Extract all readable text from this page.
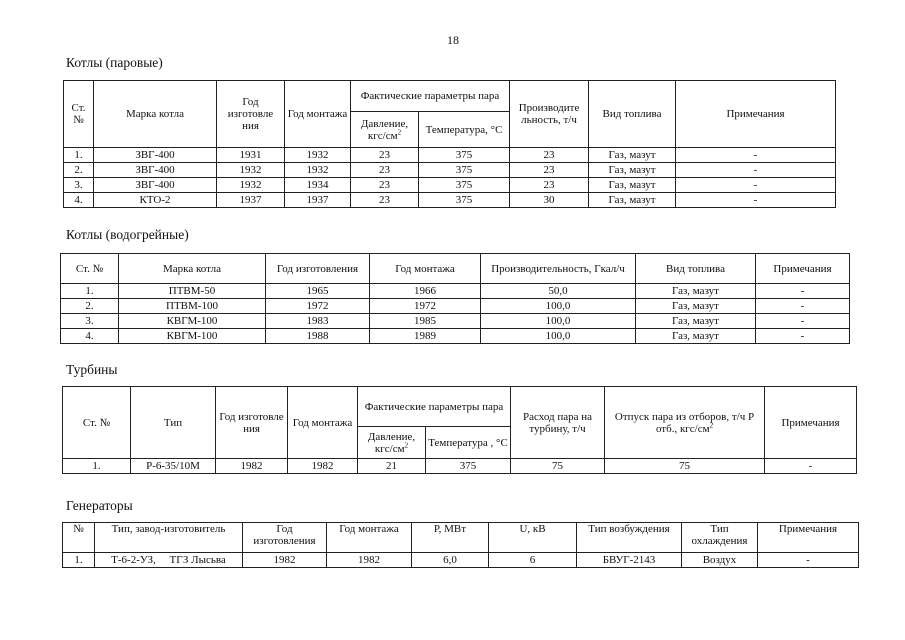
18
Котлы (паровые)
Ст. №	Марка котла	Год изготовле ния	Год монтажа	Фактические параметры пара		Производите льность, т/ч	Вид топлива	Примечания
				Давление, кгс/$см^2$	Температура, °С			
1.	ЗВГ-400	1931	1932	23	375	23	Газ, мазут	-
2.	ЗВГ-400	1932	1932	23	375	23	Газ, мазут	-
3.	ЗВГ-400	1932	1934	23	375	23	Газ, мазут	-
4.	КТО-2	1937	1937	23	375	30	Газ, мазут	-
Котлы (водогрейные)
Ст. №	Марка котла	Год изготовления	Год монтажа	Производительность, Гкал/ч	Вид топлива	Примечания
1.	ПТВМ-50	1965	1966	50,0	Газ, мазут	-
2.	ПТВМ-100	1972	1972	100,0	Газ, мазут	-
3.	КВГМ-100	1983	1985	100,0	Газ, мазут	-
4.	КВГМ-100	1988	1989	100,0	Газ, мазут	-
Турбины
Ст. №	Тип	Год изготовле ния	Год монтажа	Фактические параметры пара		Расход пара на турбину, т/ч	Отпуск пара из отборов, т/ч Р отб., кгс/$см^2$	Примечания
				Давление, кгс/$см^2$	Температура , °С			
1.	Р-6-35/10М	1982	1982	21	375	75	75	-
Генераторы
№	Тип, завод-изготовитель	Год изготовления	Год монтажа	Р, МВт	U, кВ	Тип возбуждения	Тип охлаждения	Примечания
1.	Т-6-2-УЗ,     ТГЗ Лысьва	1982	1982	6,0	6	БВУГ-2143	Воздух	-
